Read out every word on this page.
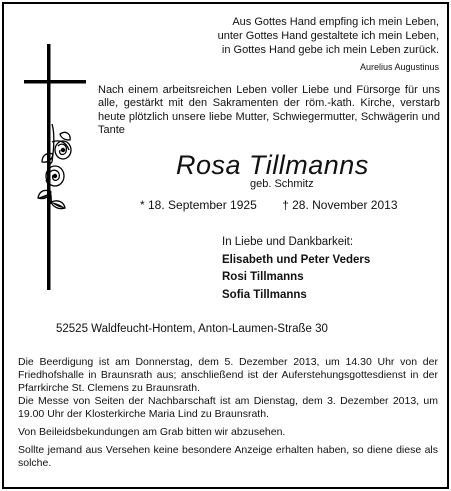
Aus Gottes Hand empfing ich mein Leben,
unter Gottes Hand gestaltete ich mein Leben,
in Gottes Hand gebe ich mein Leben zurück.
Aurelius Augustinus
Nach einem arbeitsreichen Leben voller Liebe und Fürsorge für uns alle, gestärkt mit den Sakramenten der röm.-kath. Kirche, verstarb heute plötzlich unsere liebe Mutter, Schwiegermutter, Schwägerin und Tante
Rosa Tillmanns
geb. Schmitz
* 18. September 1925 † 28. November 2013
In Liebe und Dankbarkeit:
Elisabeth und Peter Veders
Rosi Tillmanns
Sofia Tillmanns
52525 Waldfeucht-Hontem, Anton-Laumen-Straße 30

Die Beerdigung ist am Donnerstag, dem 5. Dezember 2013, um 14.30 Uhr von der Friedhofshalle in Braunsrath aus; anschließend ist der Auferstehungsgottesdienst in der Pfarrkirche St. Clemens zu Braunsrath.

Die Messe von Seiten der Nachbarschaft ist am Dienstag, dem 3. Dezember 2013, um 19.00 Uhr der Klosterkirche Maria Lind zu Braunsrath.

Von Beileidsbekundungen am Grab bitten wir abzusehen.

Sollte jemand aus Versehen keine besondere Anzeige erhalten haben, so diene diese als solche.
